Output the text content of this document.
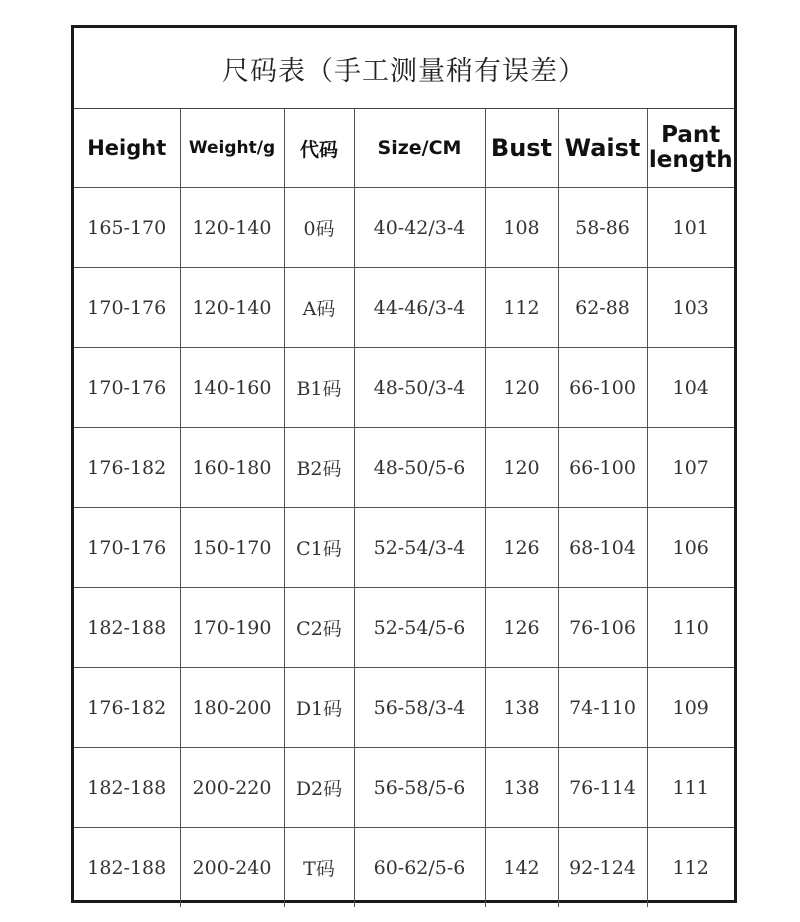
尺码表（手工测量稍有误差）
Height	Weight/g	代码	Size/CM	Bust	Waist	Pant
length
165-170	120-140	0码	40-42/3-4	108	58-86	101
170-176	120-140	A码	44-46/3-4	112	62-88	103
170-176	140-160	B1码	48-50/3-4	120	66-100	104
176-182	160-180	B2码	48-50/5-6	120	66-100	107
170-176	150-170	C1码	52-54/3-4	126	68-104	106
182-188	170-190	C2码	52-54/5-6	126	76-106	110
176-182	180-200	D1码	56-58/3-4	138	74-110	109
182-188	200-220	D2码	56-58/5-6	138	76-114	111
182-188	200-240	T码	60-62/5-6	142	92-124	112
